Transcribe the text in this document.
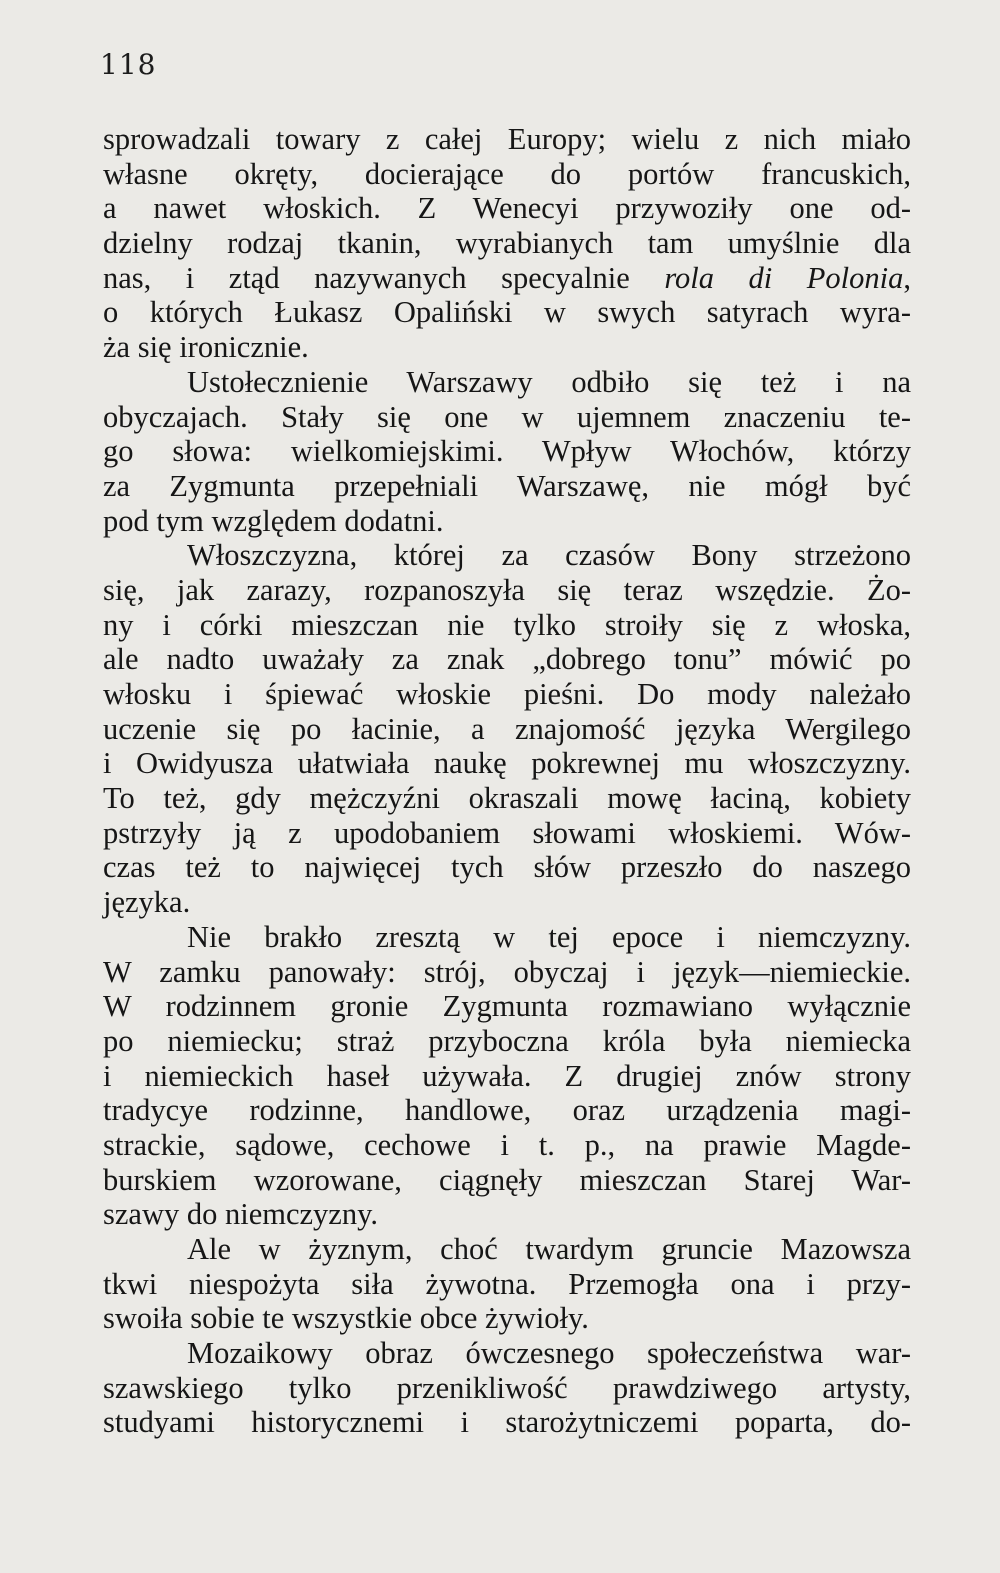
118
sprowadzali towary z całej Europy; wielu z nich miało
własne okręty, docierające do portów francuskich,
a nawet włoskich. Z Wenecyi przywoziły one od-
dzielny rodzaj tkanin, wyrabianych tam umyślnie dla
nas, i ztąd nazywanych specyalnie rola di Polonia,
o których Łukasz Opaliński w swych satyrach wyra-
ża się ironicznie.
Ustołecznienie Warszawy odbiło się też i na
obyczajach. Stały się one w ujemnem znaczeniu te-
go słowa: wielkomiejskimi. Wpływ Włochów, którzy
za Zygmunta przepełniali Warszawę, nie mógł być
pod tym względem dodatni.
Włoszczyzna, której za czasów Bony strzeżono
się, jak zarazy, rozpanoszyła się teraz wszędzie. Żo-
ny i córki mieszczan nie tylko stroiły się z włoska,
ale nadto uważały za znak „dobrego tonu” mówić po
włosku i śpiewać włoskie pieśni. Do mody należało
uczenie się po łacinie, a znajomość języka Wergilego
i Owidyusza ułatwiała naukę pokrewnej mu włoszczyzny.
To też, gdy mężczyźni okraszali mowę łaciną, kobiety
pstrzyły ją z upodobaniem słowami włoskiemi. Wów-
czas też to najwięcej tych słów przeszło do naszego
języka.
Nie brakło zresztą w tej epoce i niemczyzny.
W zamku panowały: strój, obyczaj i język—niemieckie.
W rodzinnem gronie Zygmunta rozmawiano wyłącznie
po niemiecku; straż przyboczna króla była niemiecka
i niemieckich haseł używała. Z drugiej znów strony
tradycye rodzinne, handlowe, oraz urządzenia magi-
strackie, sądowe, cechowe i t. p., na prawie Magde-
burskiem wzorowane, ciągnęły mieszczan Starej War-
szawy do niemczyzny.
Ale w żyznym, choć twardym gruncie Mazowsza
tkwi niespożyta siła żywotna. Przemogła ona i przy-
swoiła sobie te wszystkie obce żywioły.
Mozaikowy obraz ówczesnego społeczeństwa war-
szawskiego tylko przenikliwość prawdziwego artysty,
studyami historycznemi i starożytniczemi poparta, do-
